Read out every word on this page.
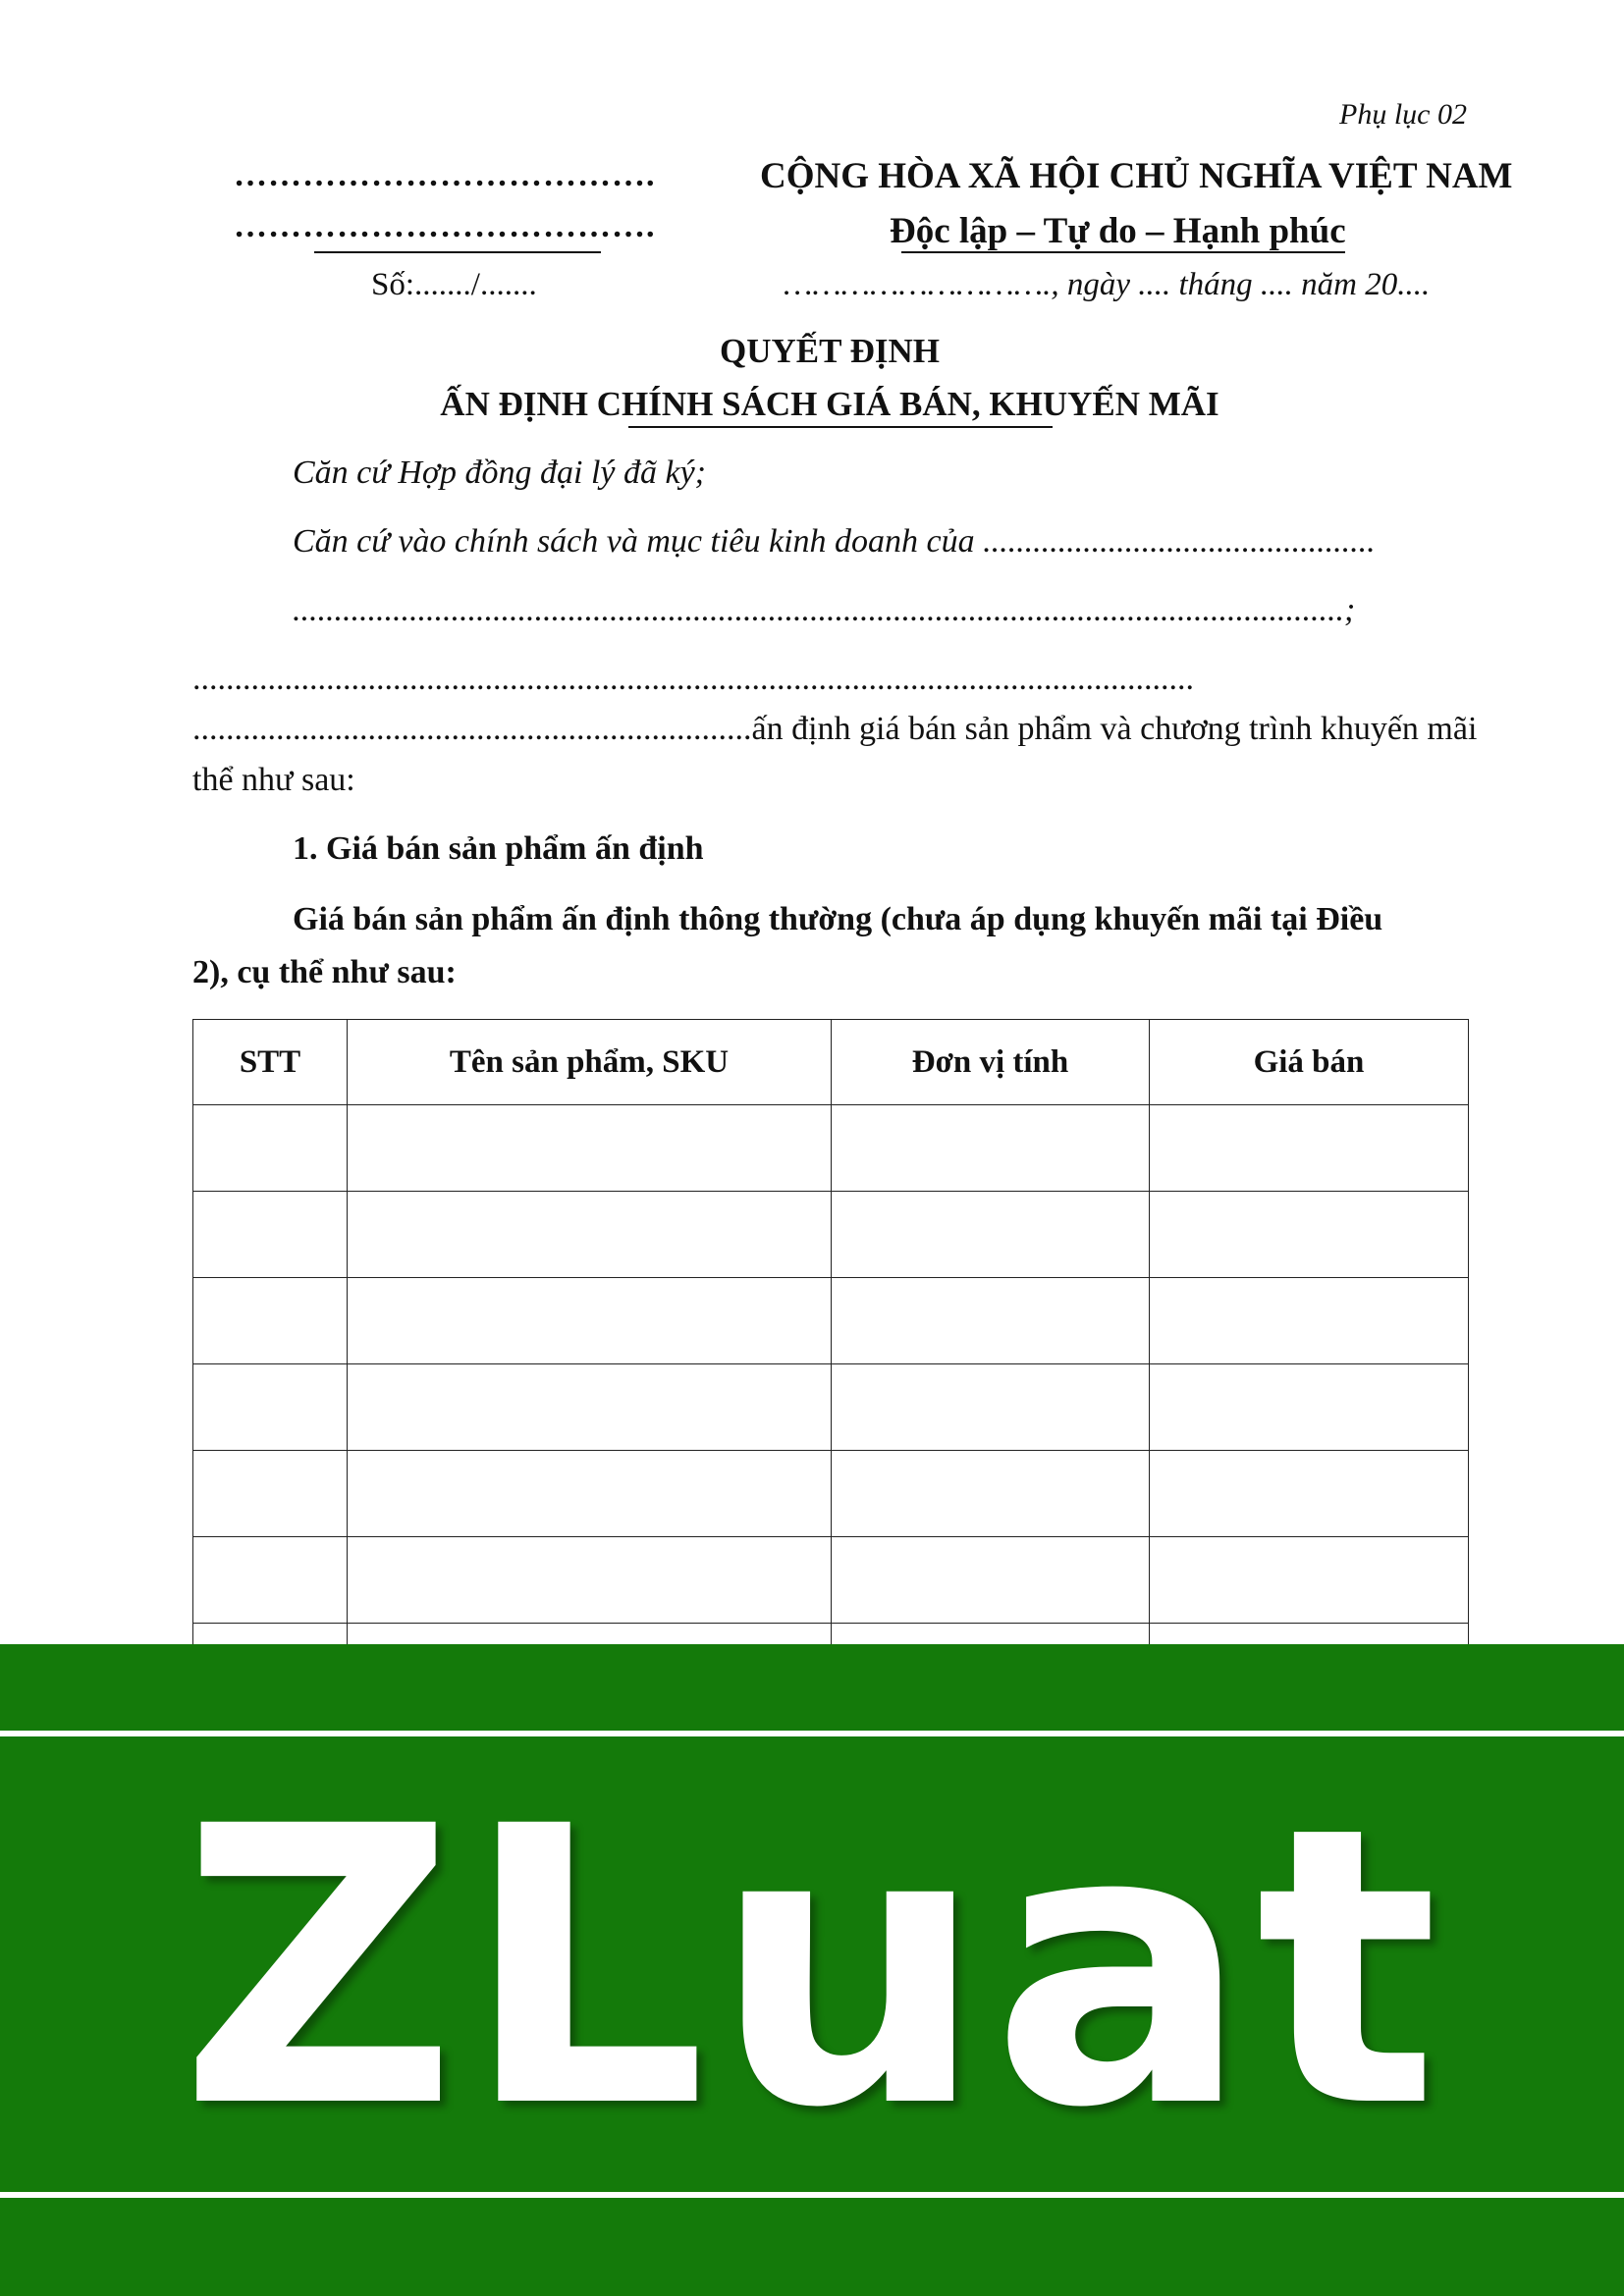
Phụ lục 02
……………………………….
……………………………….
CỘNG HÒA XÃ HỘI CHỦ NGHĨA VIỆT NAM
Độc lập – Tự do – Hạnh phúc
Số:......./.......	………………………., ngày .... tháng .... năm 20....
QUYẾT ĐỊNH
ẤN ĐỊNH CHÍNH SÁCH GIÁ BÁN, KHUYẾN MÃI
Căn cứ Hợp đồng đại lý đã ký;
Căn cứ vào chính sách và mục tiêu kinh doanh của ...............................................
..............................................................................................................................;
........................................................................................................................
...................................................................ấn định giá bán sản phẩm và chương trình khuyến mãi
thể như sau:
1. Giá bán sản phẩm ấn định
Giá bán sản phẩm ấn định thông thường (chưa áp dụng khuyến mãi tại Điều
2), cụ thể như sau:
STT	Tên sản phẩm, SKU	Đơn vị tính	Giá bán

ZLuat
